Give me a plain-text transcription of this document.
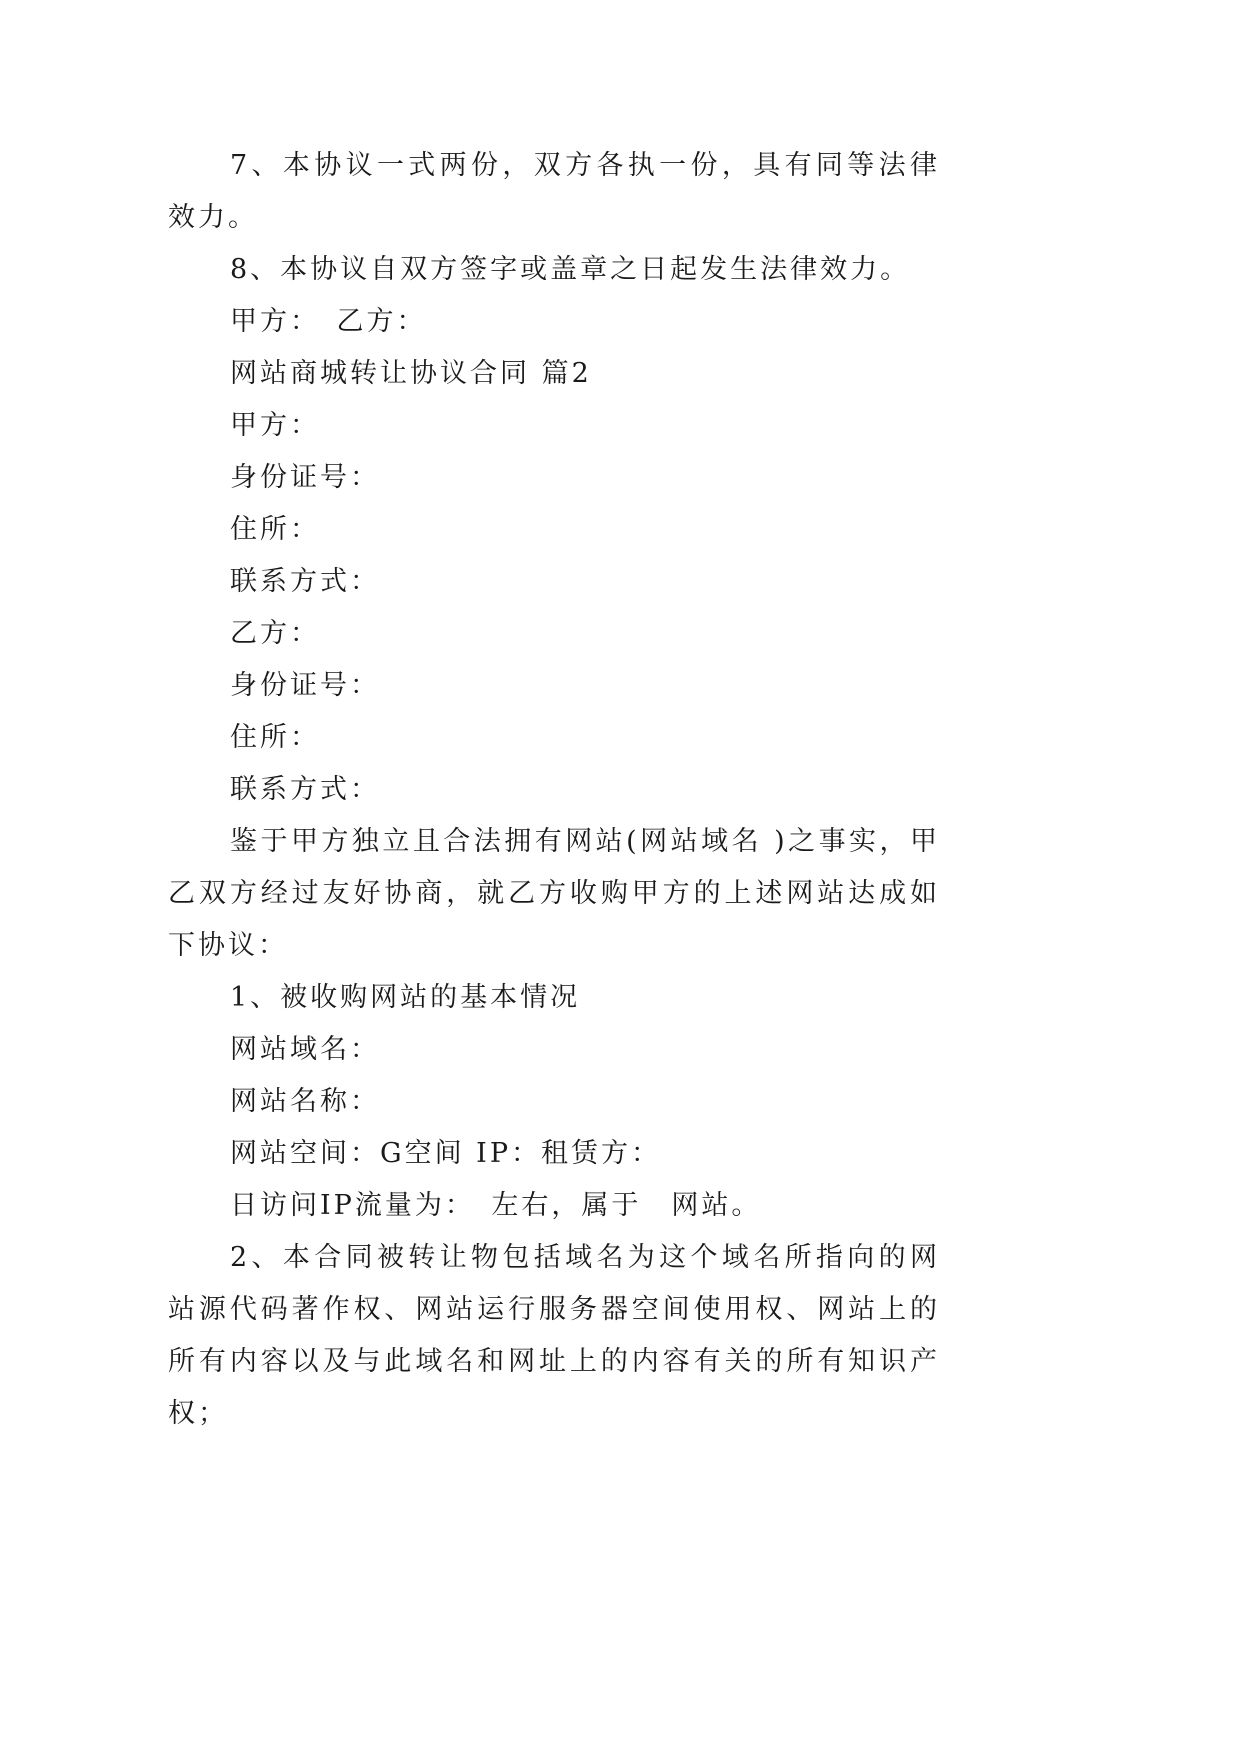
7、本协议一式两份，双方各执一份，具有同等法律效力。

8、本协议自双方签字或盖章之日起发生法律效力。

甲方：　乙方：

网站商城转让协议合同 篇2

甲方：

身份证号：

住所：

联系方式：

乙方：

身份证号：

住所：

联系方式：

鉴于甲方独立且合法拥有网站(网站域名 )之事实，甲乙双方经过友好协商，就乙方收购甲方的上述网站达成如下协议：

1、被收购网站的基本情况

网站域名：

网站名称：

网站空间：G空间 IP：租赁方：

日访问IP流量为：　左右，属于　网站。

2、本合同被转让物包括域名为这个域名所指向的网站源代码著作权、网站运行服务器空间使用权、网站上的所有内容以及与此域名和网址上的内容有关的所有知识产权；
